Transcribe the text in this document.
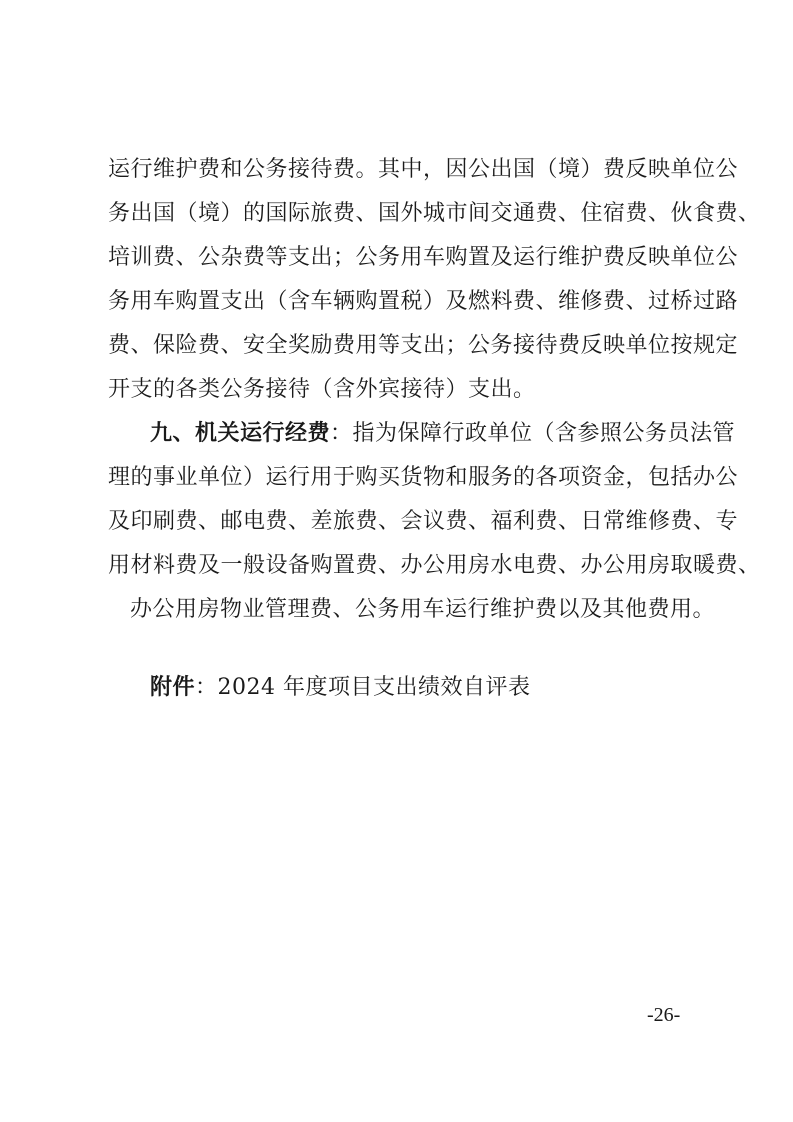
运行维护费和公务接待费。其中，因公出国（境）费反映单位公
务出国（境）的国际旅费、国外城市间交通费、住宿费、伙食费、
培训费、公杂费等支出；公务用车购置及运行维护费反映单位公
务用车购置支出（含车辆购置税）及燃料费、维修费、过桥过路
费、保险费、安全奖励费用等支出；公务接待费反映单位按规定
开支的各类公务接待（含外宾接待）支出。
九、机关运行经费：指为保障行政单位（含参照公务员法管
理的事业单位）运行用于购买货物和服务的各项资金，包括办公
及印刷费、邮电费、差旅费、会议费、福利费、日常维修费、专
用材料费及一般设备购置费、办公用房水电费、办公用房取暖费、
办公用房物业管理费、公务用车运行维护费以及其他费用。
附件：2024 年度项目支出绩效自评表
-26-
